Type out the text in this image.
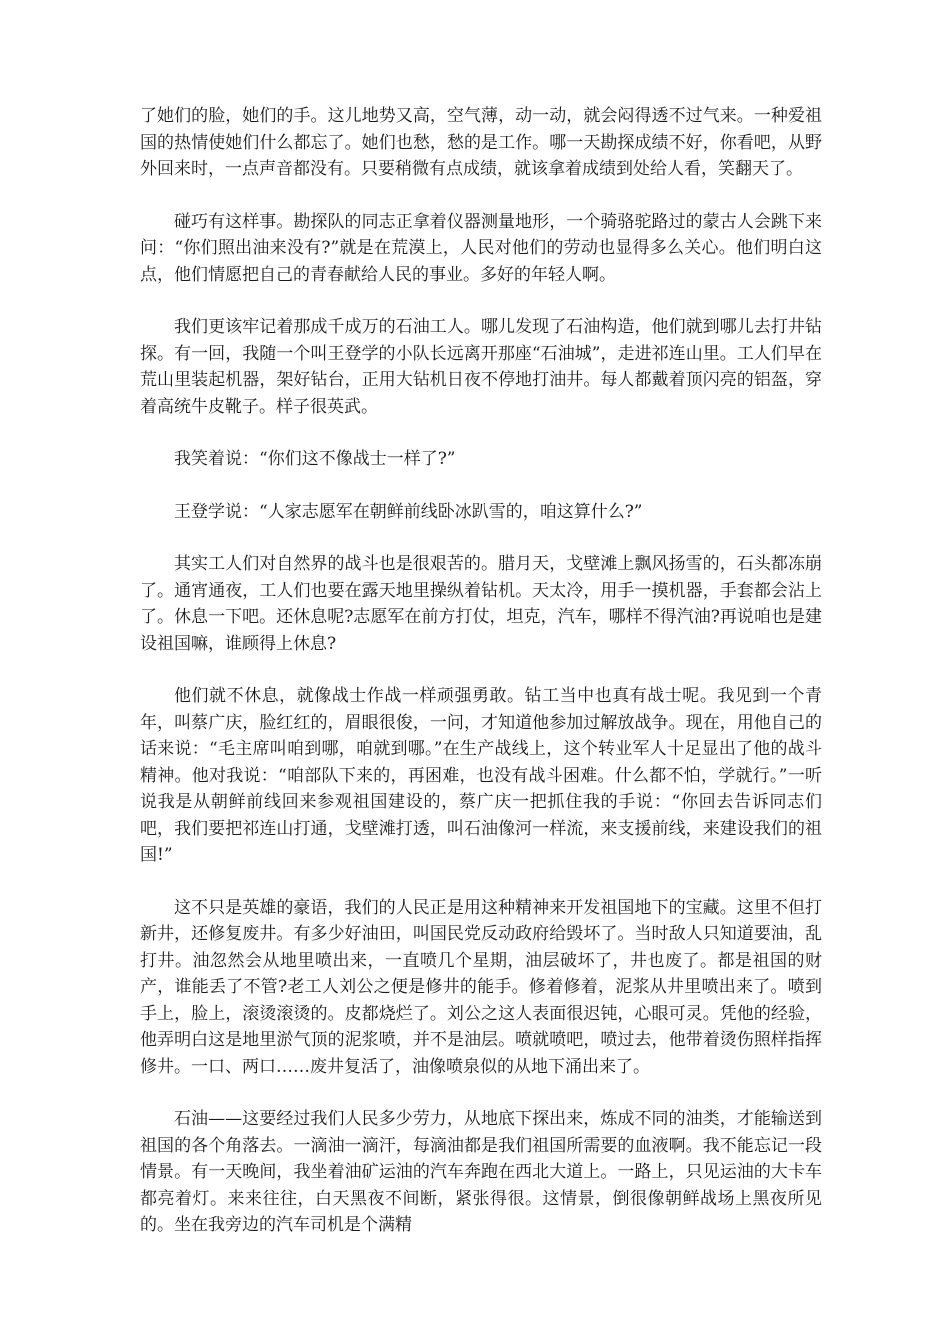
了她们的脸，她们的手。这儿地势又高，空气薄，动一动，就会闷得透不过气来。一种爱祖国的热情使她们什么都忘了。她们也愁，愁的是工作。哪一天勘探成绩不好，你看吧，从野外回来时，一点声音都没有。只要稍微有点成绩，就该拿着成绩到处给人看，笑翻天了。

碰巧有这样事。勘探队的同志正拿着仪器测量地形，一个骑骆驼路过的蒙古人会跳下来问：“你们照出油来没有?”就是在荒漠上，人民对他们的劳动也显得多么关心。他们明白这点，他们情愿把自己的青春献给人民的事业。多好的年轻人啊。

我们更该牢记着那成千成万的石油工人。哪儿发现了石油构造，他们就到哪儿去打井钻探。有一回，我随一个叫王登学的小队长远离开那座“石油城”，走进祁连山里。工人们早在荒山里装起机器，架好钻台，正用大钻机日夜不停地打油井。每人都戴着顶闪亮的铝盔，穿着高统牛皮靴子。样子很英武。

我笑着说：“你们这不像战士一样了?”

王登学说：“人家志愿军在朝鲜前线卧冰趴雪的，咱这算什么?”

其实工人们对自然界的战斗也是很艰苦的。腊月天，戈壁滩上飘风扬雪的，石头都冻崩了。通宵通夜，工人们也要在露天地里操纵着钻机。天太冷，用手一摸机器，手套都会沾上了。休息一下吧。还休息呢?志愿军在前方打仗，坦克，汽车，哪样不得汽油?再说咱也是建设祖国嘛，谁顾得上休息?

他们就不休息，就像战士作战一样顽强勇敢。钻工当中也真有战士呢。我见到一个青年，叫蔡广庆，脸红红的，眉眼很俊，一问，才知道他参加过解放战争。现在，用他自己的话来说：“毛主席叫咱到哪，咱就到哪。”在生产战线上，这个转业军人十足显出了他的战斗精神。他对我说：“咱部队下来的，再困难，也没有战斗困难。什么都不怕，学就行。”一听说我是从朝鲜前线回来参观祖国建设的，蔡广庆一把抓住我的手说：“你回去告诉同志们吧，我们要把祁连山打通，戈壁滩打透，叫石油像河一样流，来支援前线，来建设我们的祖国!”

这不只是英雄的豪语，我们的人民正是用这种精神来开发祖国地下的宝藏。这里不但打新井，还修复废井。有多少好油田，叫国民党反动政府给毁坏了。当时敌人只知道要油，乱打井。油忽然会从地里喷出来，一直喷几个星期，油层破坏了，井也废了。都是祖国的财产，谁能丢了不管?老工人刘公之便是修井的能手。修着修着，泥浆从井里喷出来了。喷到手上，脸上，滚烫滚烫的。皮都烧烂了。刘公之这人表面很迟钝，心眼可灵。凭他的经验，他弄明白这是地里淤气顶的泥浆喷，并不是油层。喷就喷吧，喷过去，他带着烫伤照样指挥修井。一口、两口……废井复活了，油像喷泉似的从地下涌出来了。

石油——这要经过我们人民多少劳力，从地底下探出来，炼成不同的油类，才能输送到祖国的各个角落去。一滴油一滴汗，每滴油都是我们祖国所需要的血液啊。我不能忘记一段情景。有一天晚间，我坐着油矿运油的汽车奔跑在西北大道上。一路上，只见运油的大卡车都亮着灯。来来往往，白天黑夜不间断，紧张得很。这情景，倒很像朝鲜战场上黑夜所见的。坐在我旁边的汽车司机是个满精
